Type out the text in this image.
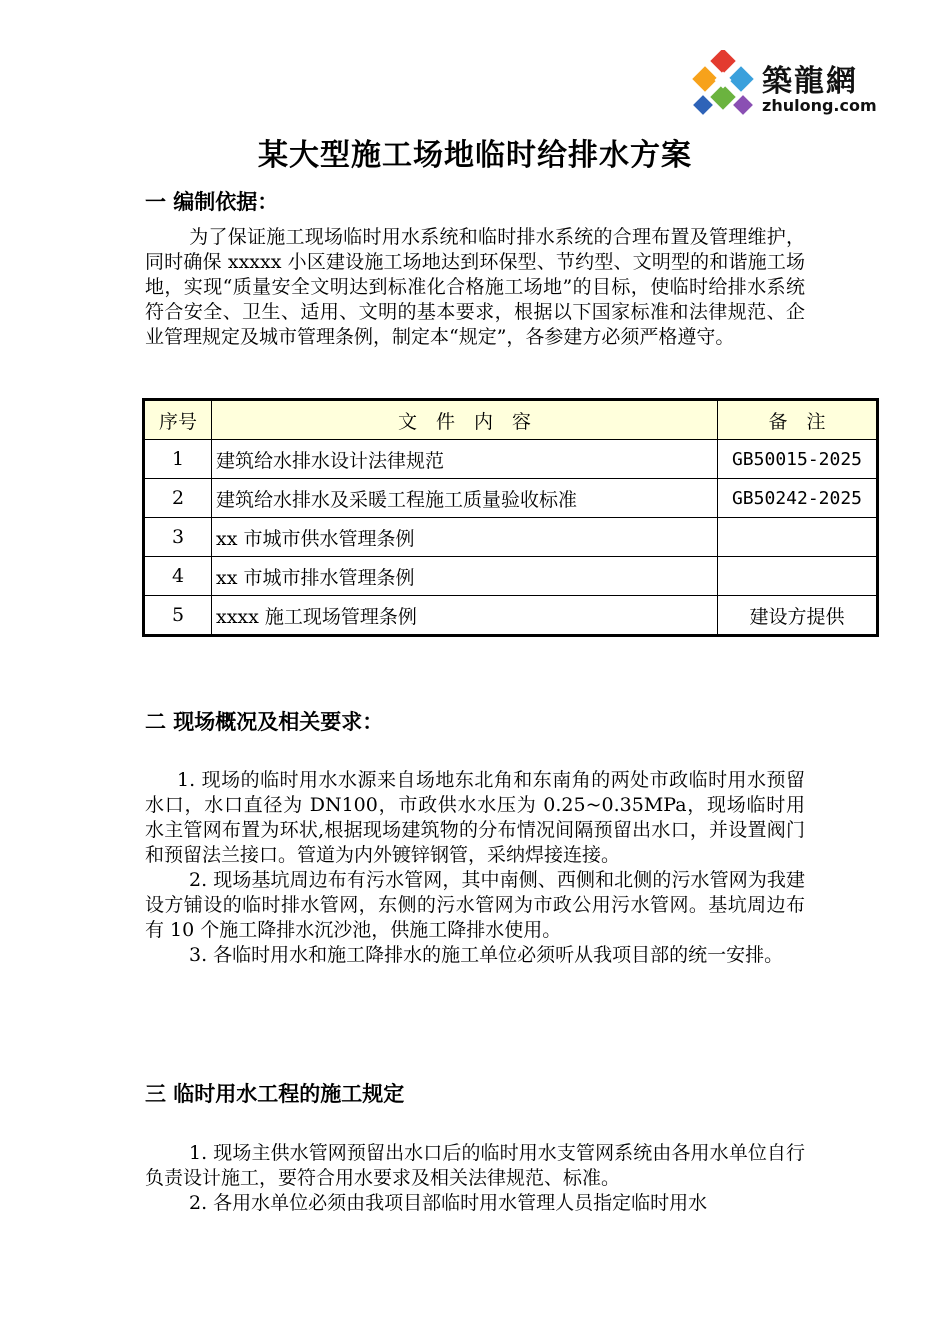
築龍網
zhulong.com
某大型施工场地临时给排水方案
一 编制依据：
为了保证施工现场临时用水系统和临时排水系统的合理布置及管理维护，同时确保 xxxxx 小区建设施工场地达到环保型、节约型、文明型的和谐施工场地，实现“质量安全文明达到标准化合格施工场地”的目标，使临时给排水系统符合安全、卫生、适用、文明的基本要求，根据以下国家标准和法律规范、企业管理规定及城市管理条例，制定本“规定”，各参建方必须严格遵守。
序号	文　件　内　容	备　注
1	建筑给水排水设计法律规范	GB50015-2025
2	建筑给水排水及采暖工程施工质量验收标准	GB50242-2025
3	xx 市城市供水管理条例	
4	xx 市城市排水管理条例	
5	xxxx 施工现场管理条例	建设方提供
二 现场概况及相关要求：
1. 现场的临时用水水源来自场地东北角和东南角的两处市政临时用水预留水口，水口直径为 DN100，市政供水水压为 0.25~0.35MPa，现场临时用水主管网布置为环状,根据现场建筑物的分布情况间隔预留出水口，并设置阀门和预留法兰接口。管道为内外镀锌钢管，采纳焊接连接。
2. 现场基坑周边布有污水管网，其中南侧、西侧和北侧的污水管网为我建设方铺设的临时排水管网，东侧的污水管网为市政公用污水管网。基坑周边布有 10 个施工降排水沉沙池，供施工降排水使用。
3. 各临时用水和施工降排水的施工单位必须听从我项目部的统一安排。
三 临时用水工程的施工规定
1. 现场主供水管网预留出水口后的临时用水支管网系统由各用水单位自行负责设计施工，要符合用水要求及相关法律规范、标准。
2. 各用水单位必须由我项目部临时用水管理人员指定临时用水
